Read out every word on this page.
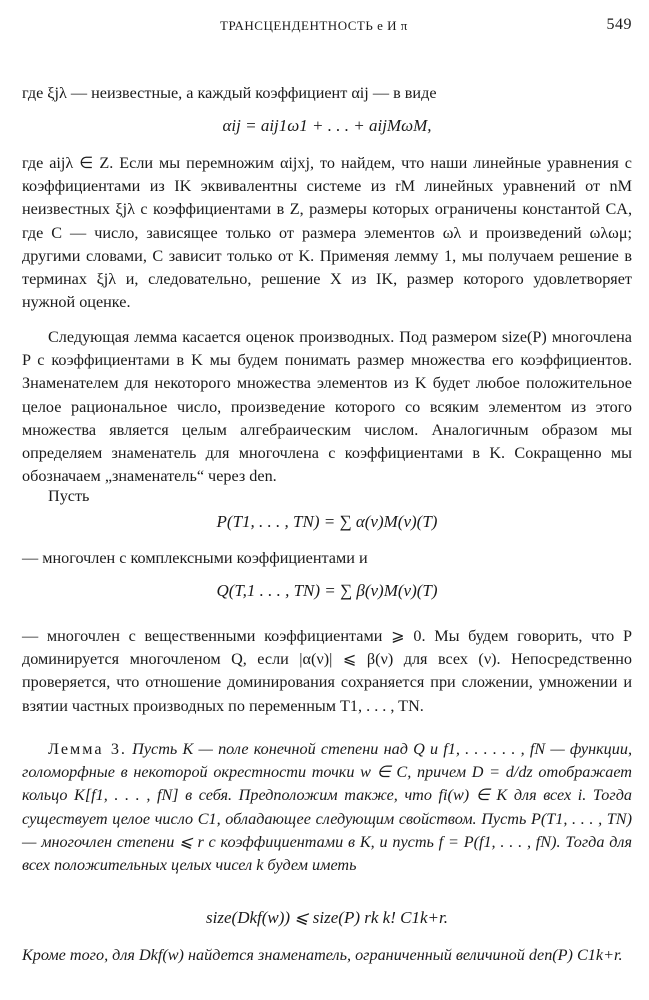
ТРАНСЦЕНДЕНТНОСТЬ e И π	549
где ξjλ — неизвестные, а каждый коэффициент αij — в виде
αij = aij1ω1 + . . . + aijMωM,
где aijλ ∈ Z. Если мы перемножим αijxj, то найдем, что наши линейные уравнения с коэффициентами из IK эквивалентны системе из rM линейных уравнений от nM неизвестных ξjλ с коэффициентами в Z, размеры которых ограничены константой CA, где C — число, зависящее только от размера элементов ωλ и произведений ωλωμ; другими словами, C зависит только от K. Применяя лемму 1, мы получаем решение в терминах ξjλ и, следовательно, решение X из IK, размер которого удовлетворяет нужной оценке.
Следующая лемма касается оценок производных. Под размером size(P) многочлена P с коэффициентами в K мы будем понимать размер множества его коэффициентов. Знаменателем для некоторого множества элементов из K будет любое положительное целое рациональное число, произведение которого со всяким элементом из этого множества является целым алгебраическим числом. Аналогичным образом мы определяем знаменатель для многочлена с коэффициентами в K. Сокращенно мы обозначаем „знаменатель“ через den.
Пусть
P(T1, . . . , TN) = ∑ α(ν)M(ν)(T)
— многочлен с комплексными коэффициентами и
Q(T,1 . . . , TN) = ∑ β(ν)M(ν)(T)
— многочлен с вещественными коэффициентами ⩾ 0. Мы будем говорить, что P доминируется многочленом Q, если |α(ν)| ⩽ β(ν) для всех (ν). Непосредственно проверяется, что отношение доминирования сохраняется при сложении, умножении и взятии частных производных по переменным T1, . . . , TN.
Лемма 3. Пусть K — поле конечной степени над Q и f1, . . . . . . , fN — функции, голоморфные в некоторой окрестности точки w ∈ C, причем D = d/dz отображает кольцо K[f1, . . . , fN] в себя. Предположим также, что fi(w) ∈ K для всех i. Тогда существует целое число C1, обладающее следующим свойством. Пусть P(T1, . . . , TN) — многочлен степени ⩽ r с коэффициентами в K, и пусть f = P(f1, . . . , fN). Тогда для всех положительных целых чисел k будем иметь
size(Dkf(w)) ⩽ size(P) rk k! C1k+r.
Кроме того, для Dkf(w) найдется знаменатель, ограниченный величиной den(P) C1k+r.
